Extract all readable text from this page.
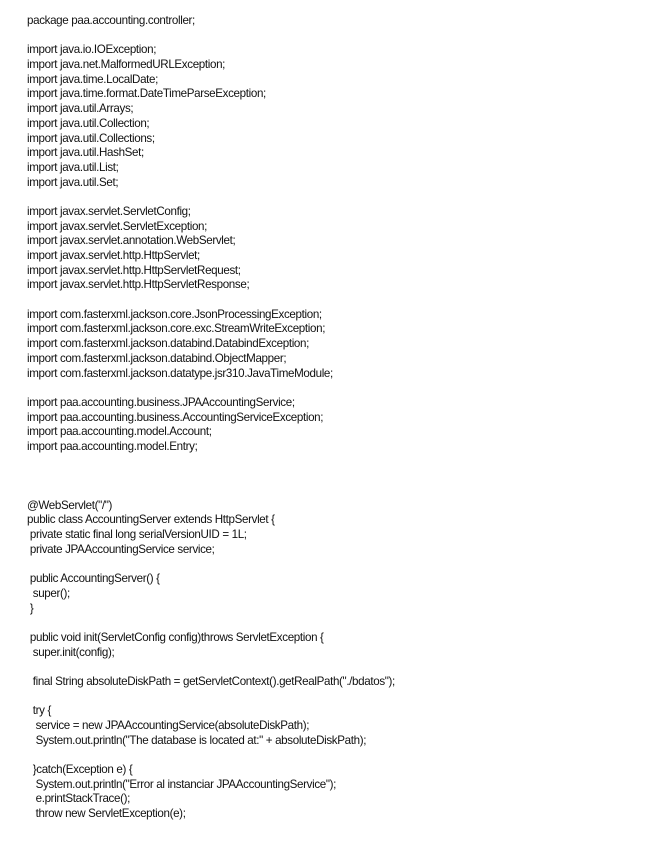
package paa.accounting.controller;
import java.io.IOException;
import java.net.MalformedURLException;
import java.time.LocalDate;
import java.time.format.DateTimeParseException;
import java.util.Arrays;
import java.util.Collection;
import java.util.Collections;
import java.util.HashSet;
import java.util.List;
import java.util.Set;
import javax.servlet.ServletConfig;
import javax.servlet.ServletException;
import javax.servlet.annotation.WebServlet;
import javax.servlet.http.HttpServlet;
import javax.servlet.http.HttpServletRequest;
import javax.servlet.http.HttpServletResponse;
import com.fasterxml.jackson.core.JsonProcessingException;
import com.fasterxml.jackson.core.exc.StreamWriteException;
import com.fasterxml.jackson.databind.DatabindException;
import com.fasterxml.jackson.databind.ObjectMapper;
import com.fasterxml.jackson.datatype.jsr310.JavaTimeModule;
import paa.accounting.business.JPAAccountingService;
import paa.accounting.business.AccountingServiceException;
import paa.accounting.model.Account;
import paa.accounting.model.Entry;
@WebServlet("/")
public class AccountingServer extends HttpServlet {
private static final long serialVersionUID = 1L;
private JPAAccountingService service;
public AccountingServer() {
super();
}
public void init(ServletConfig config)throws ServletException {
super.init(config);
final String absoluteDiskPath = getServletContext().getRealPath("./bdatos");
try {
service = new JPAAccountingService(absoluteDiskPath);
System.out.println("The database is located at:" + absoluteDiskPath);
}catch(Exception e) {
System.out.println("Error al instanciar JPAAccountingService");
e.printStackTrace();
throw new ServletException(e);
